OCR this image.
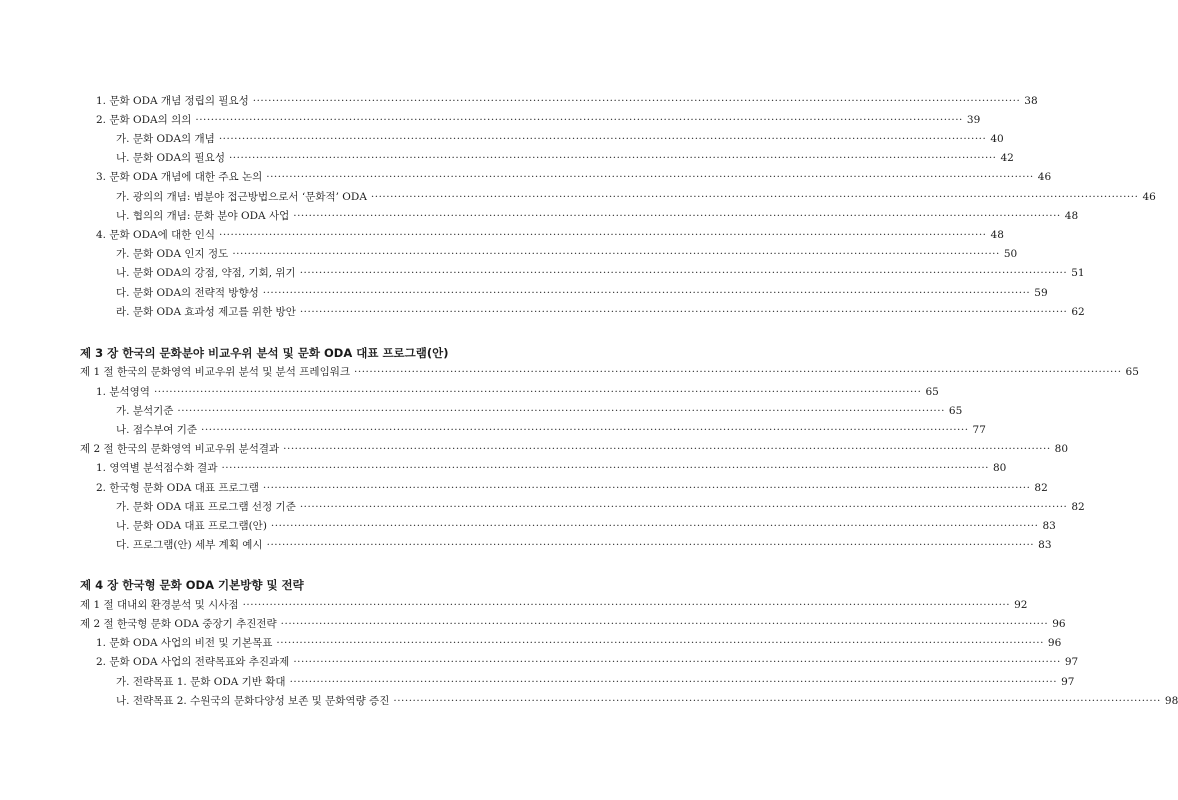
1. 문화 ODA 개념 정립의 필요성 ········································································································································································································ 38
2. 문화 ODA의 의의 ········································································································································································································ 39
가. 문화 ODA의 개념 ········································································································································································································ 40
나. 문화 ODA의 필요성 ········································································································································································································ 42
3. 문화 ODA 개념에 대한 주요 논의 ········································································································································································································ 46
가. 광의의 개념: 범분야 접근방법으로서 ‘문화적’ ODA ········································································································································································································ 46
나. 협의의 개념: 문화 분야 ODA 사업 ········································································································································································································ 48
4. 문화 ODA에 대한 인식 ········································································································································································································ 48
가. 문화 ODA 인지 정도 ········································································································································································································ 50
나. 문화 ODA의 강점, 약점, 기회, 위기 ········································································································································································································ 51
다. 문화 ODA의 전략적 방향성 ········································································································································································································ 59
라. 문화 ODA 효과성 제고를 위한 방안 ········································································································································································································ 62
제 3 장 한국의 문화분야 비교우위 분석 및 문화 ODA 대표 프로그램(안)
제 1 절 한국의 문화영역 비교우위 분석 및 분석 프레임워크 ········································································································································································································ 65
1. 분석영역 ········································································································································································································ 65
가. 분석기준 ········································································································································································································ 65
나. 점수부여 기준 ········································································································································································································ 77
제 2 절 한국의 문화영역 비교우위 분석결과 ········································································································································································································ 80
1. 영역별 분석점수화 결과 ········································································································································································································ 80
2. 한국형 문화 ODA 대표 프로그램 ········································································································································································································ 82
가. 문화 ODA 대표 프로그램 선정 기준 ········································································································································································································ 82
나. 문화 ODA 대표 프로그램(안) ········································································································································································································ 83
다. 프로그램(안) 세부 계획 예시 ········································································································································································································ 83
제 4 장 한국형 문화 ODA 기본방향 및 전략
제 1 절 대내외 환경분석 및 시사점 ········································································································································································································ 92
제 2 절 한국형 문화 ODA 중장기 추진전략 ········································································································································································································ 96
1. 문화 ODA 사업의 비전 및 기본목표 ········································································································································································································ 96
2. 문화 ODA 사업의 전략목표와 추진과제 ········································································································································································································ 97
가. 전략목표 1. 문화 ODA 기반 확대 ········································································································································································································ 97
나. 전략목표 2. 수원국의 문화다양성 보존 및 문화역량 증진 ········································································································································································································ 98
